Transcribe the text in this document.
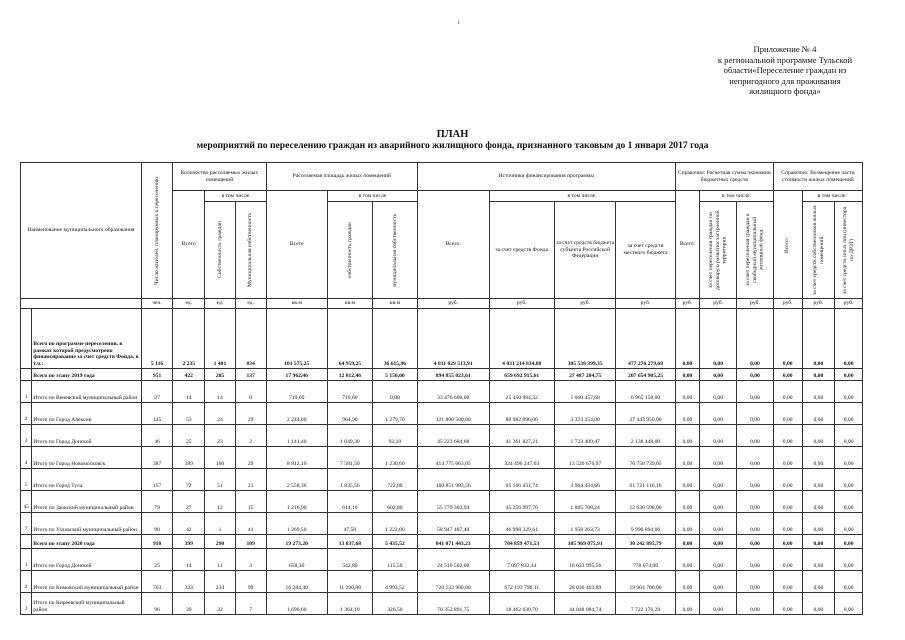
i
Приложение № 4
к региональной программе Тульской
области«Переселение граждан из
непригодного для проживания
жилищного фонда»
ПЛАН
мероприятий по переселению граждан из аварийного жилищного фонда, признанного таковым до 1 января 2017 года
Наименование муниципального образования		Число жителей, планируемых к переселению	Количество расселяемых жилых помещений			Расселяемая площадь жилых помещений			Источники финансирования программы				Справочно: Расчетная сумма экономии бюджетных средств			Справочно: Возмещение части стоимости жилых помещений		
			Всего	в том числе		Всего	в том числе		Всего:	в том числе:			Всего:	в том числе:		Всего:	в том числе:	

				Собственность граждан	Муниципальная собственность		собственность граждан	муниципальная собственность		за счет средств Фонда	за счет средств бюджета субъекта Российской Федерации	за счет средств местного бюджета		за счет переселения граждан по договору о развитии застроенной территории	за счет переселения граждан в свободный муниципальный жилищный фонд		за счет средств собственников жилых помещений	за счет средств иных лиц (инвестора по ДРЗТ)

		чел.	ед.	ед.	ед.	кв.м	кв.м	кв.м	руб.	руб.	руб.	руб.	руб.	руб.	руб.	руб.	руб.	руб.
	Всего по программе переселения, в рамках которой предусмотрено финансирование за счет средств Фонда, в т.ч.:	5 116	2 235	1 401	834	101 575,25	64 959,25	36 615,96	4 811 029 513,91	4 031 214 834,88	305 538 399,35	477 276 279,68	0,00	0,00	0,00	0,00	0,00	0,00
	Всего по этапу 2019 года	951	422	285	137	17 962,46	12 812,46	5 150,00	894 855 023,61	659 692 915,61	27 487 204,75	207 654 905,25	0,00	0,00	0,00	0,00	0,00	0,00
1	Итого по Веневский муниципальный район	27	14	14	0	719,60	719,60	0,00	33 476 600,00	25 450 984,32	1 060 457,68	6 965 158,00	0,00	0,00	0,00	0,00	0,00	0,00
2	Итого по Город Алексин	145	53	24	29	2 244,60	964,90	1 279,70	121 800 500,00	80 982 096,00	3 374 254,00	37 443 950,00	0,00	0,00	0,00	0,00	0,00	0,00
3	Итого по Город Донской	46	25	23	2	1 141,40	1 049,30	92,10	45 223 684,68	41 361 827,21	1 723 409,47	2 138 448,00	0,00	0,00	0,00	0,00	0,00	0,00
4	Итого по Город Новомосковск	387	189	160	29	8 812,10	7 581,50	1 230,60	414 775 663,05	324 496 247,03	13 520 676,97	76 758 739,05	0,00	0,00	0,00	0,00	0,00	0,00
5	Итого по Город Тула	157	72	51	21	2 558,36	1 835,56	722,80	160 851 983,56	95 166 431,74	3 964 434,66	61 721 116,16	0,00	0,00	0,00	0,00	0,00	0,00
45	Итого по Заокский муниципальный район	79	27	12	15	1 216,90	614,10	602,80	55 779 303,94	45 256 997,70	1 885 708,24	12 636 598,00	0,00	0,00	0,00	0,00	0,00	0,00
7	Итого по Узловский муниципальный район	90	42	1	41	1 269,50	47,50	1 222,00	58 947 487,40	46 998 329,61	1 958 263,73	9 990 894,06	0,00	0,00	0,00	0,00	0,00	0,00
	Всего по этапу 2020 года	910	399	290	109	19 273,20	13 837,68	5 435,52	841 071 443,23	704 859 471,53	105 969 075,91	30 242 895,79	0,00	0,00	0,00	0,00	0,00	0,00
1	Итого по Город Донской	25	14	11	3	658,30	542,80	115,50	24 510 502,00	7 097 832,44	16 633 995,56	778 674,00	0,00	0,00	0,00	0,00	0,00	0,00
2	Итого по Кимовский муниципальный район	763	333	234	99	16 284,40	11 290,88	4 993,52	720 133 900,00	672 193 796,11	28 036 403,89	19 904 700,00	0,00	0,00	0,00	0,00	0,00	0,00
3	Итого по Киреевский муниципальный район	96	39	32	7	1 690,60	1 364,10	326,50	70 352 891,75	18 462 630,70	44 048 084,74	7 722 176,29	0,00	0,00	0,00	0,00	0,00	0,00
